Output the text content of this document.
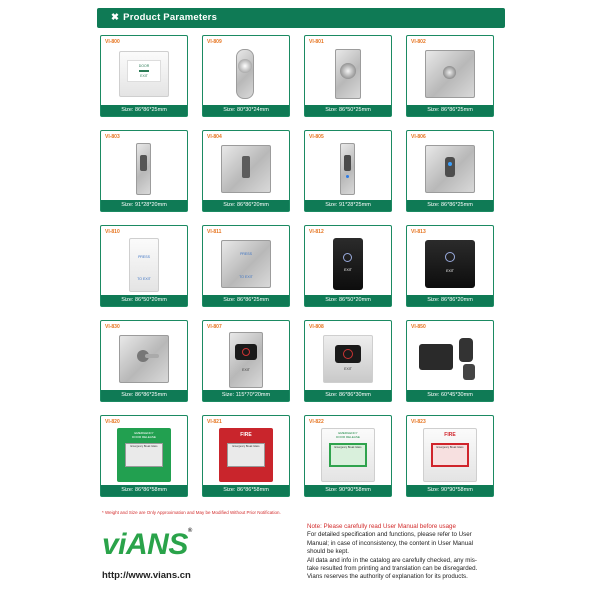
✖ Product Parameters
VI-800
DOOR
EXIT
Size: 86*86*25mm
VI-809
Size: 80*30*24mm
VI-801
Size: 86*50*25mm
VI-802
Size: 86*86*25mm
VI-803
Size: 91*28*20mm
VI-804
Size: 86*86*20mm
VI-805
Size: 91*28*25mm
VI-806
Size: 86*86*25mm
VI-810
PRESS
TO EXIT
Size: 86*50*20mm
VI-811
PRESS
TO EXIT
Size: 86*86*25mm
VI-812
EXIT
Size: 86*50*20mm
VI-813
EXIT
Size: 86*86*20mm
VI-830
Size: 86*86*25mm
VI-807
EXIT
Size: 115*70*20mm
VI-808
EXIT
Size: 86*86*30mm
VI-850
Size: 60*45*30mm
VI-820
EMERGENCY
DOOR RELEASE
Emergency Break Glass
Size: 86*86*58mm
VI-821
FIRE
Emergency Break Glass
Size: 86*86*58mm
VI-822
EMERGENCY
DOOR RELEASE
Emergency Break Glass
Size: 90*90*58mm
VI-823
FIRE
Emergency Break Glass
Size: 90*90*58mm
* Weight and Size are Only Approximation and May be Modified Without Prior Notification.
viANS®
http://www.vians.cn
Note: Please carefully read User Manual before usage
For detailed specification and functions, please refer to User
Manual; in case of inconsistency, the content in User Manual
should be kept.
All data and info in the catalog are carefully checked, any mis-
take resulted from printing and translation can be disregarded.
Vians reserves the authority of explanation for its products.
